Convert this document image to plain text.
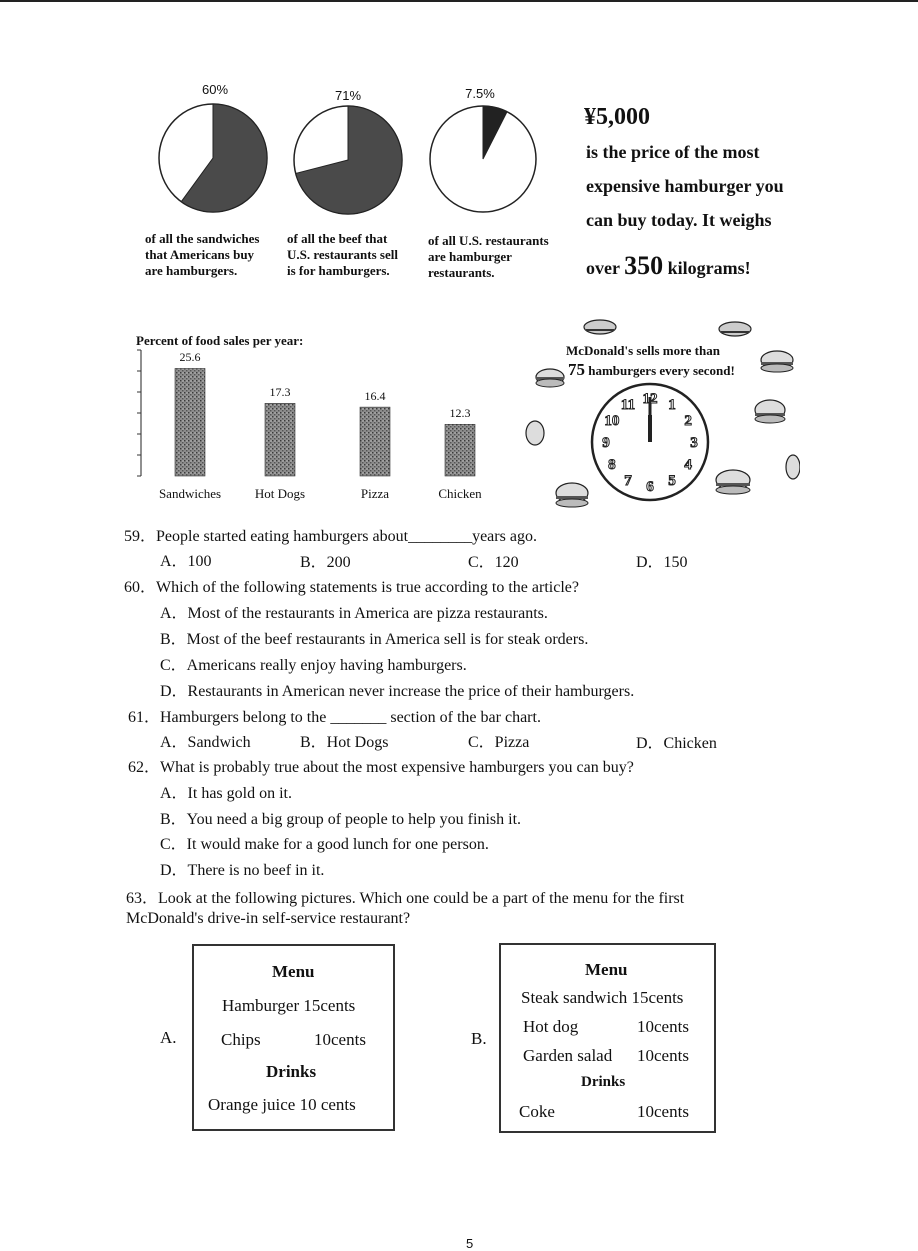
60%
of all the sandwiches
that Americans buy
are hamburgers.
71%
of all the beef that
U.S. restaurants sell
is for hamburgers.
7.5%
of all U.S. restaurants
are hamburger
restaurants.
¥5,000
is the price of the most
expensive hamburger you
can buy today. It weighs
over 350 kilograms!
Percent of food sales per year:
25.6
17.3	16.4
12.3
Sandwiches	Hot Dogs	Pizza	Chicken
McDonald's sells more than
75 hamburgers every second!
12 1
2
3
4
5
6
7
8
9
10
11
59．People started eating hamburgers about________years ago.
A．100	B．200	C．120	D．150
60．Which of the following statements is true according to the article?
A．Most of the restaurants in America are pizza restaurants.
B．Most of the beef restaurants in America sell is for steak orders.
C．Americans really enjoy having hamburgers.
D．Restaurants in American never increase the price of their hamburgers.
61．Hamburgers belong to the _______ section of the bar chart.
A．Sandwich	B．Hot Dogs	C．Pizza	D．Chicken
62．What is probably true about the most expensive hamburgers you can buy?
A．It has gold on it.
B．You need a big group of people to help you finish it.
C．It would make for a good lunch for one person.
D．There is no beef in it.
63．Look at the following pictures. Which one could be a part of the menu for the first
McDonald's drive-in self-service restaurant?
A.
Menu
Hamburger 15cents
Chips	10cents
Drinks
Orange juice 10 cents
B.
Menu
Steak sandwich 15cents
Hot dog	10cents
Garden salad 10cents
Drinks
Coke	10cents
5
